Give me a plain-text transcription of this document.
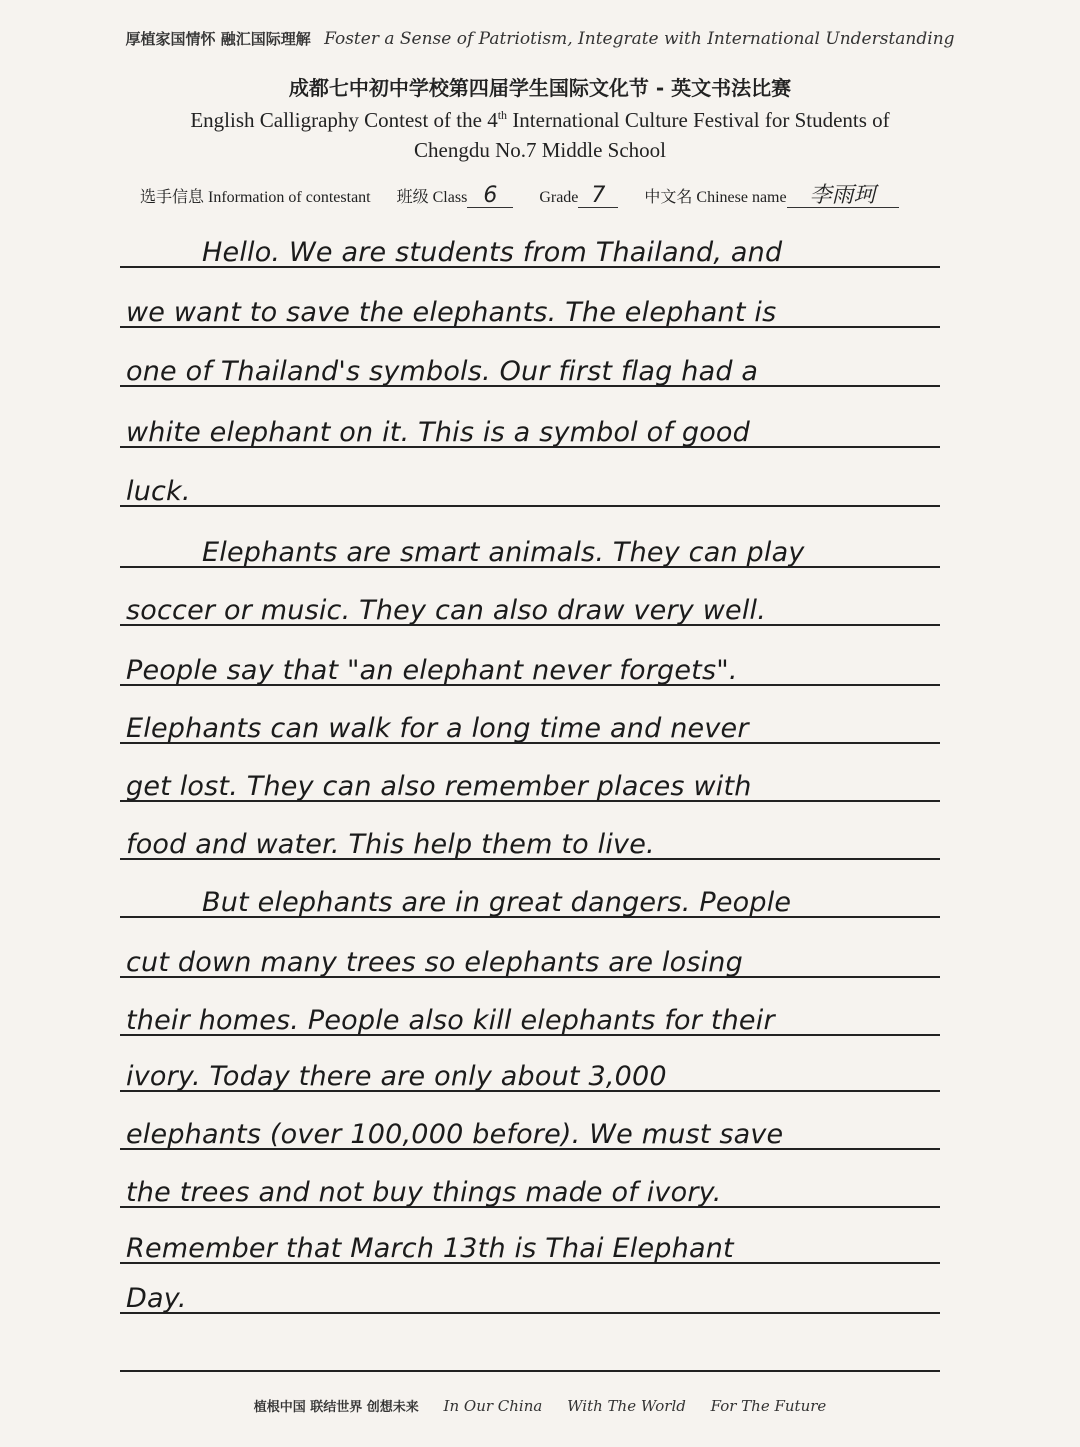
厚植家国情怀 融汇国际理解 Foster a Sense of Patriotism, Integrate with International Understanding
成都七中初中学校第四届学生国际文化节 - 英文书法比赛
English Calligraphy Contest of the 4th International Culture Festival for Students of
Chengdu No.7 Middle School
选手信息 Information of contestant 班级 Class 6	Grade 7 中文名 Chinese name 李雨珂
Hello. We are students from Thailand, and
we want to save the elephants. The elephant is
one of Thailand's symbols. Our first flag had a
white elephant on it. This is a symbol of good
luck.
Elephants are smart animals. They can play
soccer or music. They can also draw very well.
People say that "an elephant never forgets".
Elephants can walk for a long time and never
get lost. They can also remember places with
food and water. This help them to live.
But elephants are in great dangers. People
cut down many trees so elephants are losing
their homes. People also kill elephants for their
ivory. Today there are only about 3,000
elephants (over 100,000 before). We must save
the trees and not buy things made of ivory.
Remember that March 13th is Thai Elephant
Day.
植根中国 联结世界 创想未来 In Our China With The World For The Future
